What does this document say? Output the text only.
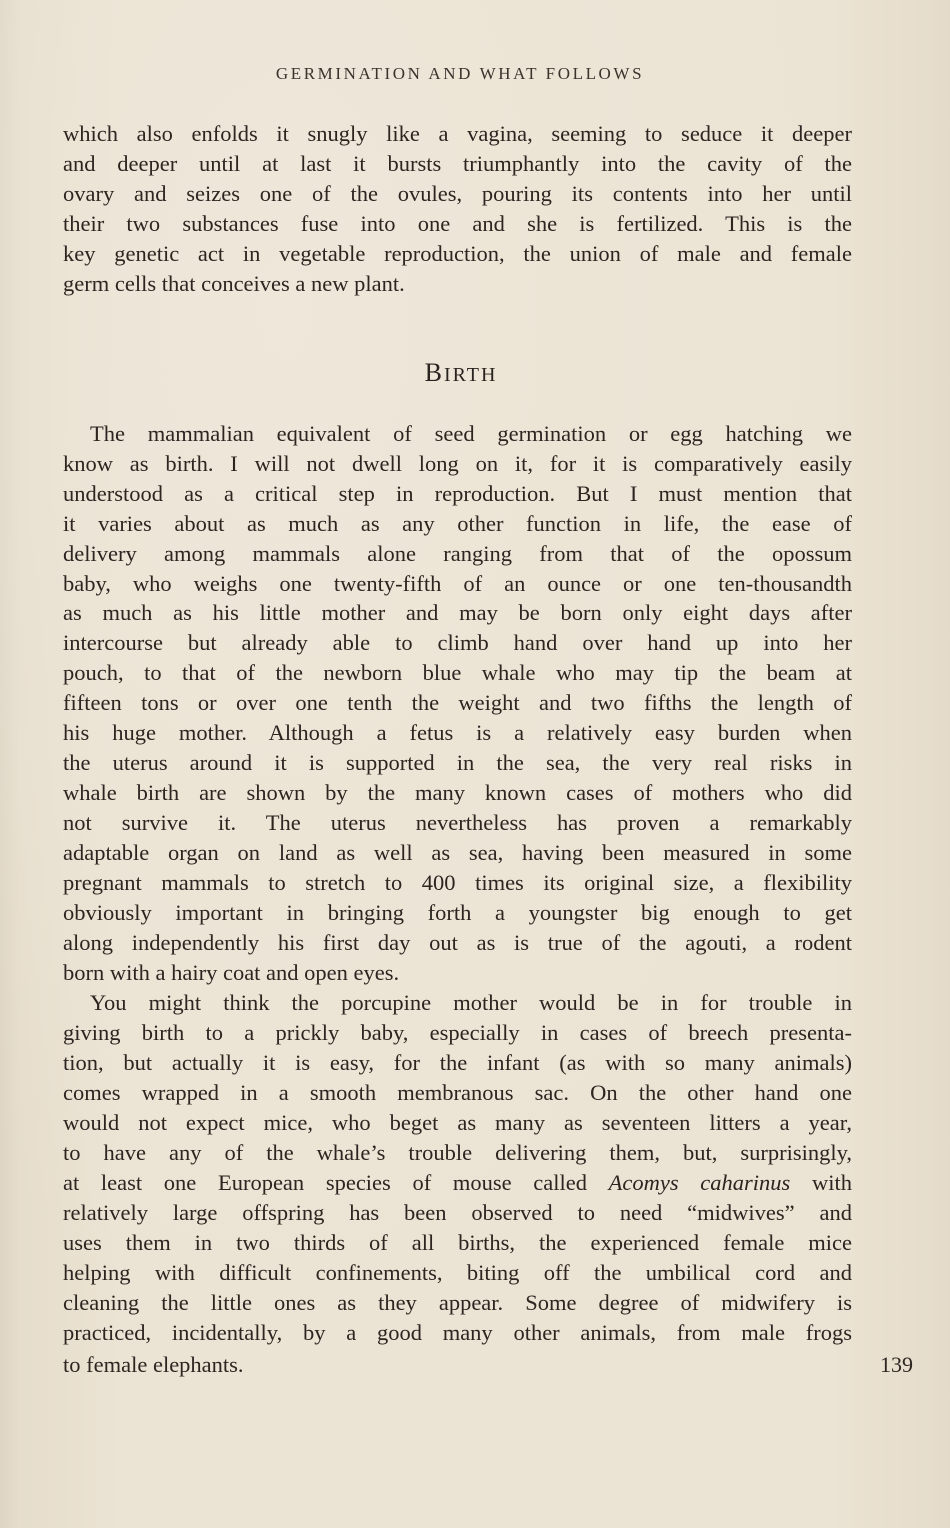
GERMINATION AND WHAT FOLLOWS
which also enfolds it snugly like a vagina, seeming to seduce it deeper
and deeper until at last it bursts triumphantly into the cavity of the
ovary and seizes one of the ovules, pouring its contents into her until
their two substances fuse into one and she is fertilized. This is the
key genetic act in vegetable reproduction, the union of male and female
germ cells that conceives a new plant.
BIRTH
The mammalian equivalent of seed germination or egg hatching we
know as birth. I will not dwell long on it, for it is comparatively easily
understood as a critical step in reproduction. But I must mention that
it varies about as much as any other function in life, the ease of
delivery among mammals alone ranging from that of the opossum
baby, who weighs one twenty-fifth of an ounce or one ten-thousandth
as much as his little mother and may be born only eight days after
intercourse but already able to climb hand over hand up into her
pouch, to that of the newborn blue whale who may tip the beam at
fifteen tons or over one tenth the weight and two fifths the length of
his huge mother. Although a fetus is a relatively easy burden when
the uterus around it is supported in the sea, the very real risks in
whale birth are shown by the many known cases of mothers who did
not survive it. The uterus nevertheless has proven a remarkably
adaptable organ on land as well as sea, having been measured in some
pregnant mammals to stretch to 400 times its original size, a flexibility
obviously important in bringing forth a youngster big enough to get
along independently his first day out as is true of the agouti, a rodent
born with a hairy coat and open eyes.
You might think the porcupine mother would be in for trouble in
giving birth to a prickly baby, especially in cases of breech presenta-
tion, but actually it is easy, for the infant (as with so many animals)
comes wrapped in a smooth membranous sac. On the other hand one
would not expect mice, who beget as many as seventeen litters a year,
to have any of the whale’s trouble delivering them, but, surprisingly,
at least one European species of mouse called Acomys caharinus with
relatively large offspring has been observed to need “midwives” and
uses them in two thirds of all births, the experienced female mice
helping with difficult confinements, biting off the umbilical cord and
cleaning the little ones as they appear. Some degree of midwifery is
practiced, incidentally, by a good many other animals, from male frogs
to female elephants.	139
